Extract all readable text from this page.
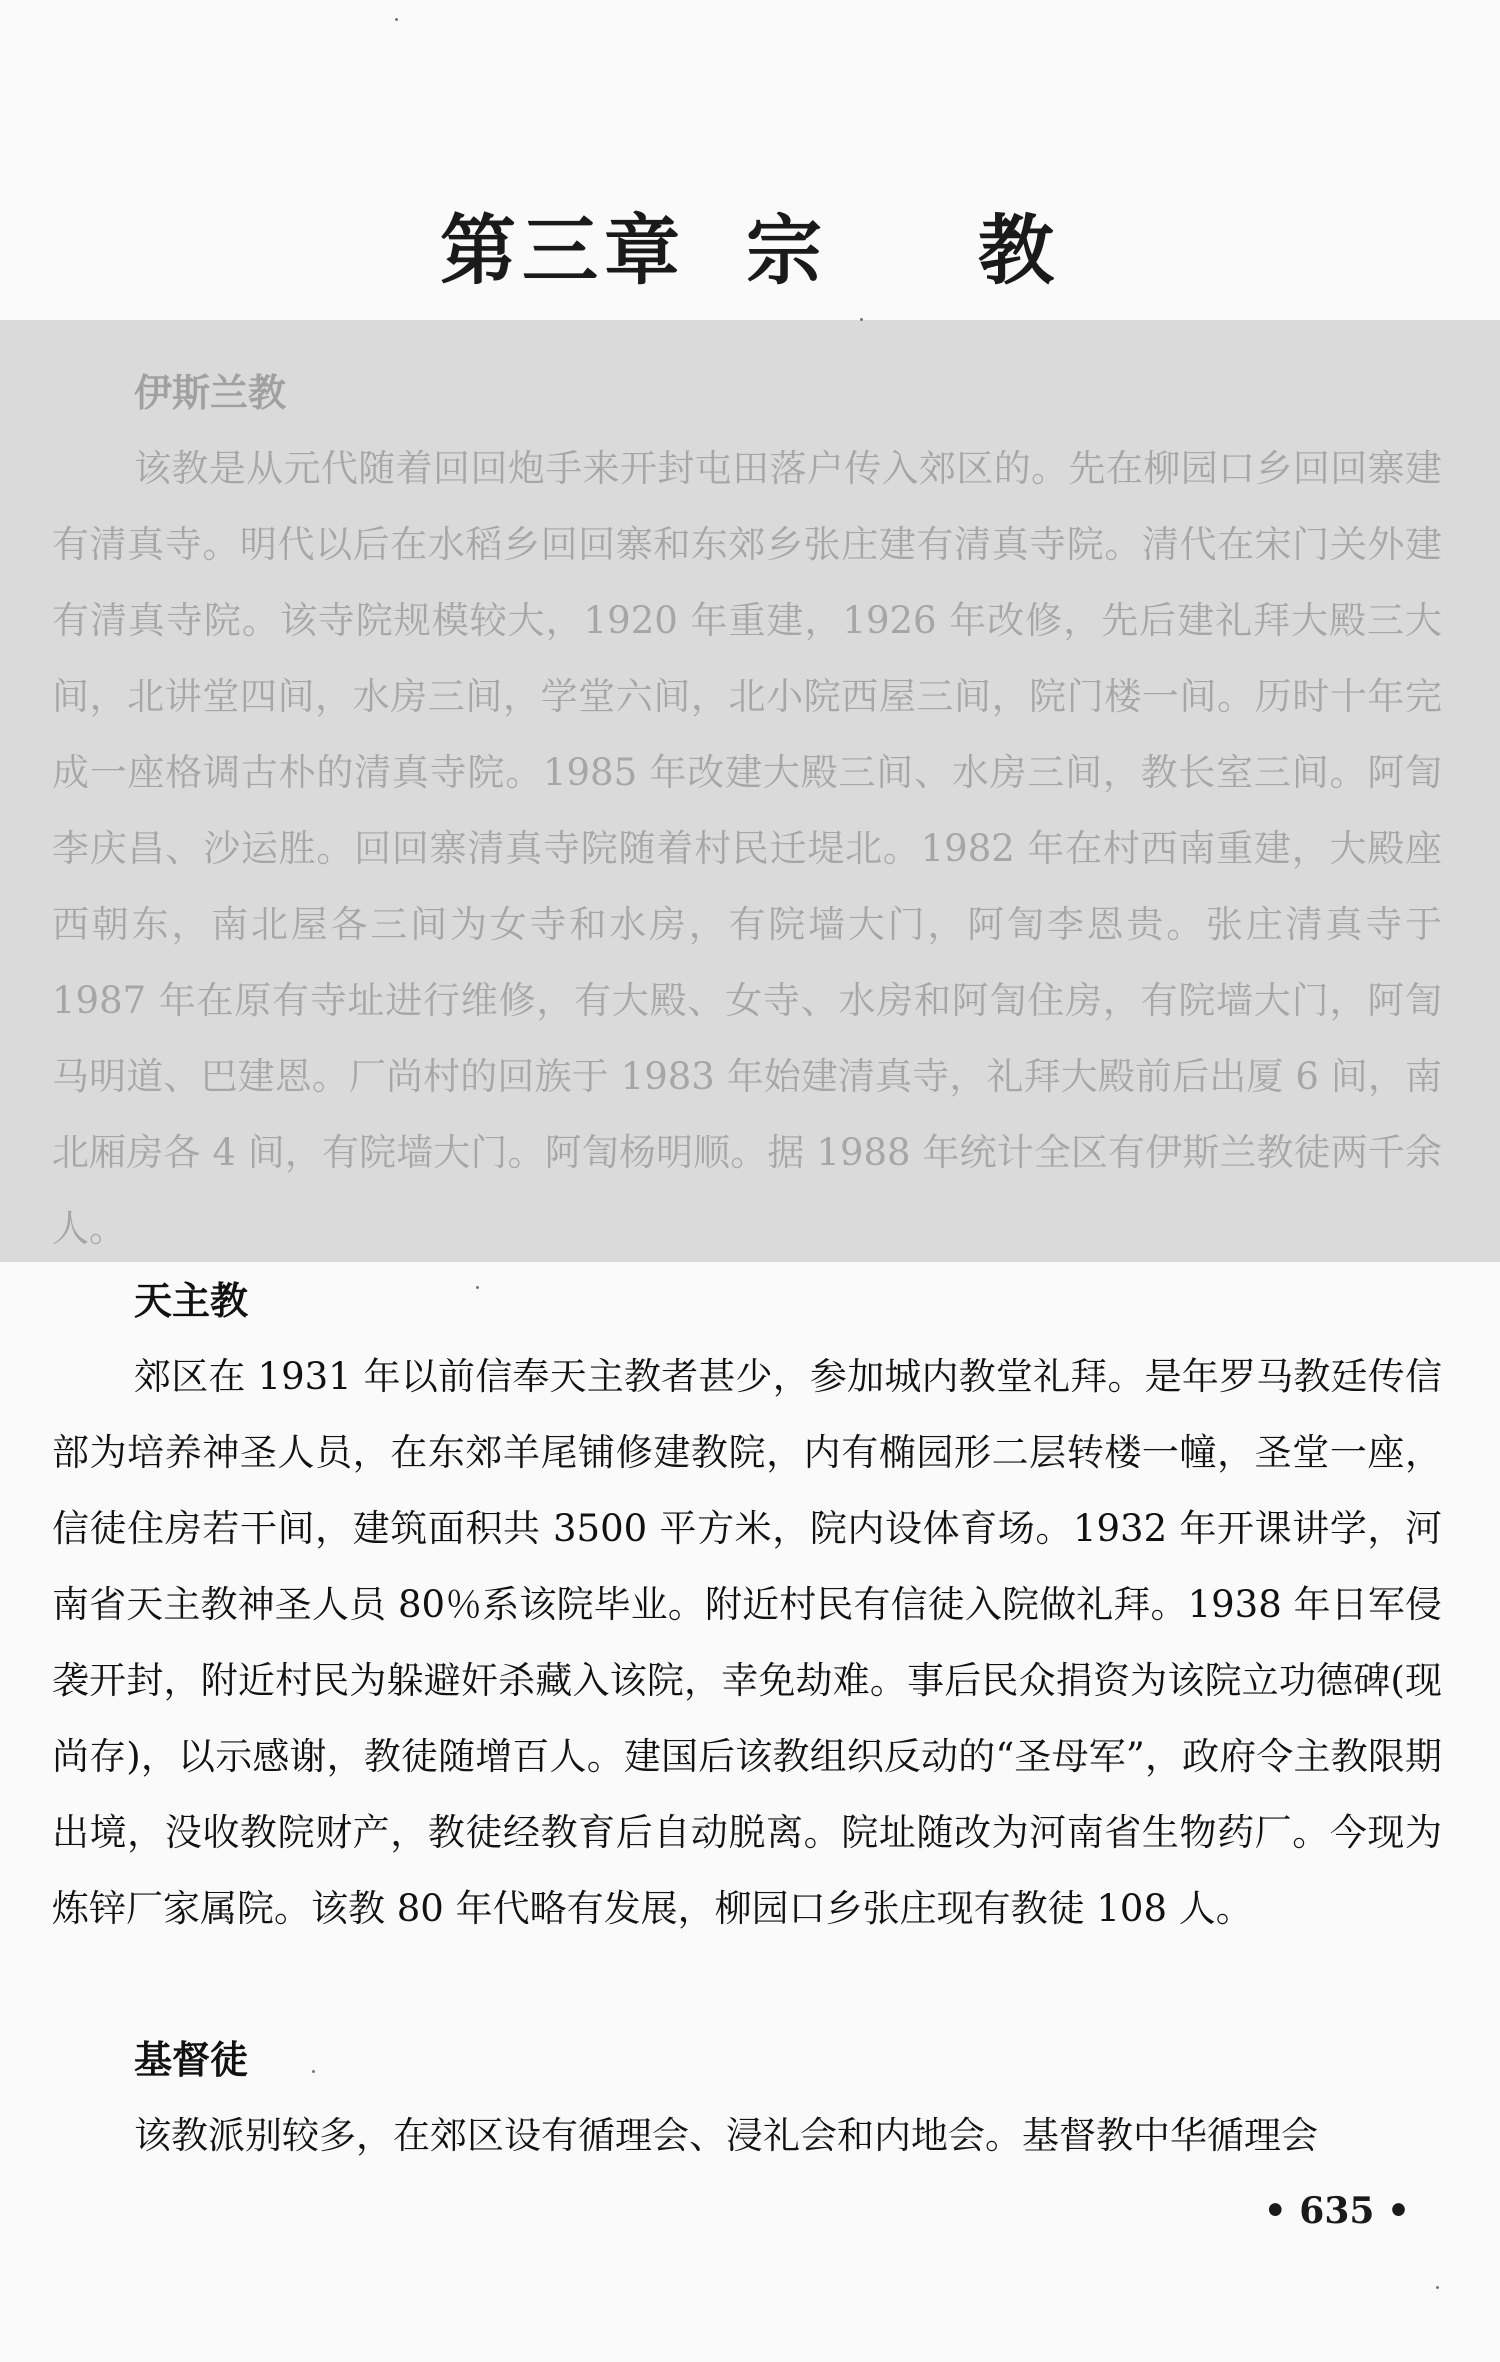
第三章 宗 教
伊斯兰教
该教是从元代随着回回炮手来开封屯田落户传入郊区的。先在柳园口乡回回寨建有清真寺。明代以后在水稻乡回回寨和东郊乡张庄建有清真寺院。清代在宋门关外建有清真寺院。该寺院规模较大，1920 年重建，1926 年改修，先后建礼拜大殿三大间，北讲堂四间，水房三间，学堂六间，北小院西屋三间，院门楼一间。历时十年完成一座格调古朴的清真寺院。1985 年改建大殿三间、水房三间，教长室三间。阿訇李庆昌、沙运胜。回回寨清真寺院随着村民迁堤北。1982 年在村西南重建，大殿座西朝东，南北屋各三间为女寺和水房，有院墙大门，阿訇李恩贵。张庄清真寺于 1987 年在原有寺址进行维修，有大殿、女寺、水房和阿訇住房，有院墙大门，阿訇马明道、巴建恩。厂尚村的回族于 1983 年始建清真寺，礼拜大殿前后出厦 6 间，南北厢房各 4 间，有院墙大门。阿訇杨明顺。据 1988 年统计全区有伊斯兰教徒两千余人。
天主教
郊区在 1931 年以前信奉天主教者甚少，参加城内教堂礼拜。是年罗马教廷传信部为培养神圣人员，在东郊羊尾铺修建教院，内有椭园形二层转楼一幢，圣堂一座，信徒住房若干间，建筑面积共 3500 平方米，院内设体育场。1932 年开课讲学，河南省天主教神圣人员 80％系该院毕业。附近村民有信徒入院做礼拜。1938 年日军侵袭开封，附近村民为躲避奸杀藏入该院，幸免劫难。事后民众捐资为该院立功德碑(现尚存)，以示感谢，教徒随增百人。建国后该教组织反动的“圣母军”，政府令主教限期出境，没收教院财产，教徒经教育后自动脱离。院址随改为河南省生物药厂。今现为炼锌厂家属院。该教 80 年代略有发展，柳园口乡张庄现有教徒 108 人。
基督徒
该教派别较多，在郊区设有循理会、浸礼会和内地会。基督教中华循理会
• 635 •
